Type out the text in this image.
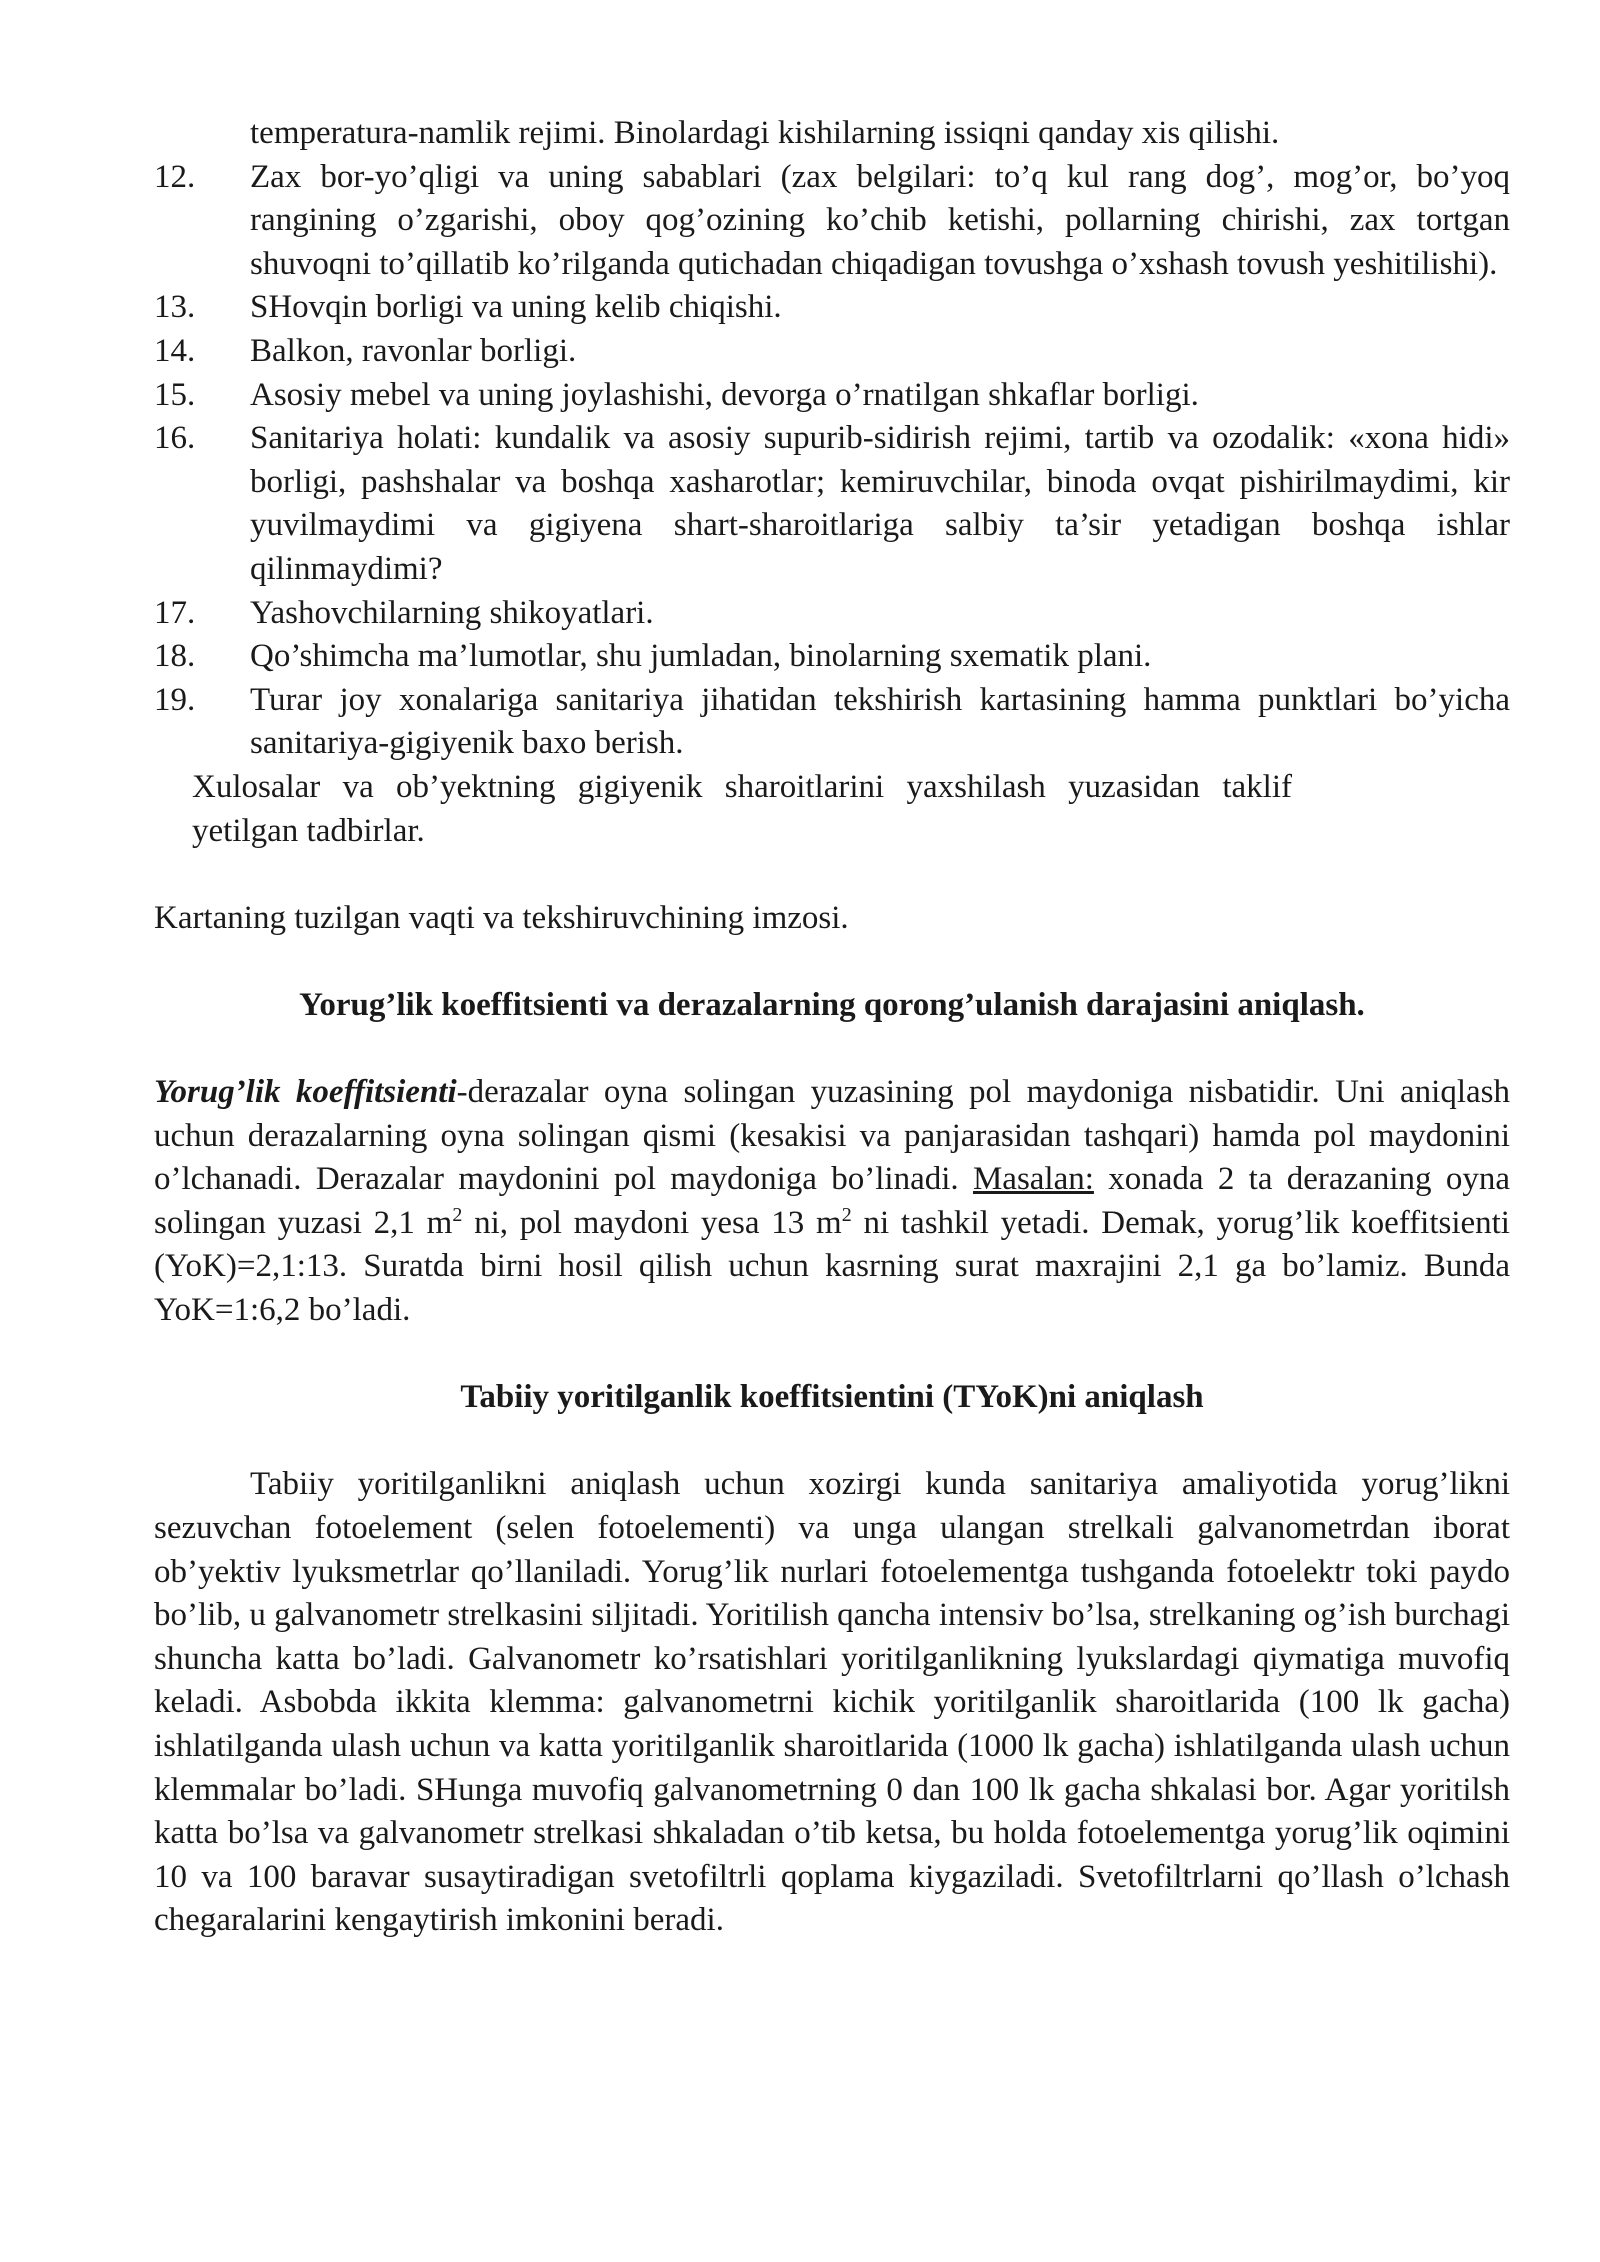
temperatura-namlik rejimi. Binolardagi kishilarning issiqni qanday xis qilishi.

12.	Zax bor-yo’qligi va uning sabablari (zax belgilari: to’q kul rang dog’, mog’or, bo’yoq rangining o’zgarishi, oboy qog’ozining ko’chib ketishi, pollarning chirishi, zax tortgan shuvoqni to’qillatib ko’rilganda qutichadan chiqadigan tovushga o’xshash tovush yeshitilishi).
13.	SHovqin borligi va uning kelib chiqishi.
14.	Balkon, ravonlar borligi.
15.	Asosiy mebel va uning joylashishi, devorga o’rnatilgan shkaflar borligi.
16.	Sanitariya holati: kundalik va asosiy supurib-sidirish rejimi, tartib va ozodalik: «xona hidi» borligi, pashshalar va boshqa xasharotlar; kemiruvchilar, binoda ovqat pishirilmaydimi, kir yuvilmaydimi va gigiyena shart-sharoitlariga salbiy ta’sir yetadigan boshqa ishlar qilinmaydimi?
17.	Yashovchilarning shikoyatlari.
18.	Qo’shimcha ma’lumotlar, shu jumladan, binolarning sxematik plani.
19.	Turar joy xonalariga sanitariya jihatidan tekshirish kartasining hamma punktlari bo’yicha sanitariya-gigiyenik baxo berish.

Xulosalar va ob’yektning gigiyenik sharoitlarini yaxshilash yuzasidan taklif yetilgan tadbirlar.

Kartaning tuzilgan vaqti va tekshiruvchining imzosi.

Yorug’lik koeffitsienti va derazalarning qorong’ulanish darajasini aniqlash.

Yorug’lik koeffitsienti-derazalar oyna solingan yuzasining pol maydoniga nisbatidir. Uni aniqlash uchun derazalarning oyna solingan qismi (kesakisi va panjarasidan tashqari) hamda pol maydonini o’lchanadi. Derazalar maydonini pol maydoniga bo’linadi. Masalan: xonada 2 ta derazaning oyna solingan yuzasi 2,1 $m^2$ ni, pol maydoni yesa 13 $m^2$ ni tashkil yetadi. Demak, yorug’lik koeffitsienti (YoK)=2,1:13. Suratda birni hosil qilish uchun kasrning surat maxrajini 2,1 ga bo’lamiz. Bunda YoK=1:6,2 bo’ladi.

Tabiiy yoritilganlik koeffitsientini (TYoK)ni aniqlash

Tabiiy yoritilganlikni aniqlash uchun xozirgi kunda sanitariya amaliyotida yorug’likni sezuvchan fotoelement (selen fotoelementi) va unga ulangan strelkali galvanometrdan iborat ob’yektiv lyuksmetrlar qo’llaniladi. Yorug’lik nurlari fotoelementga tushganda fotoelektr toki paydo bo’lib, u galvanometr strelkasini siljitadi. Yoritilish qancha intensiv bo’lsa, strelkaning og’ish burchagi shuncha katta bo’ladi. Galvanometr ko’rsatishlari yoritilganlikning lyukslardagi qiymatiga muvofiq keladi. Asbobda ikkita klemma: galvanometrni kichik yoritilganlik sharoitlarida (100 lk gacha) ishlatilganda ulash uchun va katta yoritilganlik sharoitlarida (1000 lk gacha) ishlatilganda ulash uchun klemmalar bo’ladi. SHunga muvofiq galvanometrning 0 dan 100 lk gacha shkalasi bor. Agar yoritilsh katta bo’lsa va galvanometr strelkasi shkaladan o’tib ketsa, bu holda fotoelementga yorug’lik oqimini 10 va 100 baravar susaytiradigan svetofiltrli qoplama kiygaziladi. Svetofiltrlarni qo’llash o’lchash chegaralarini kengaytirish imkonini beradi.
